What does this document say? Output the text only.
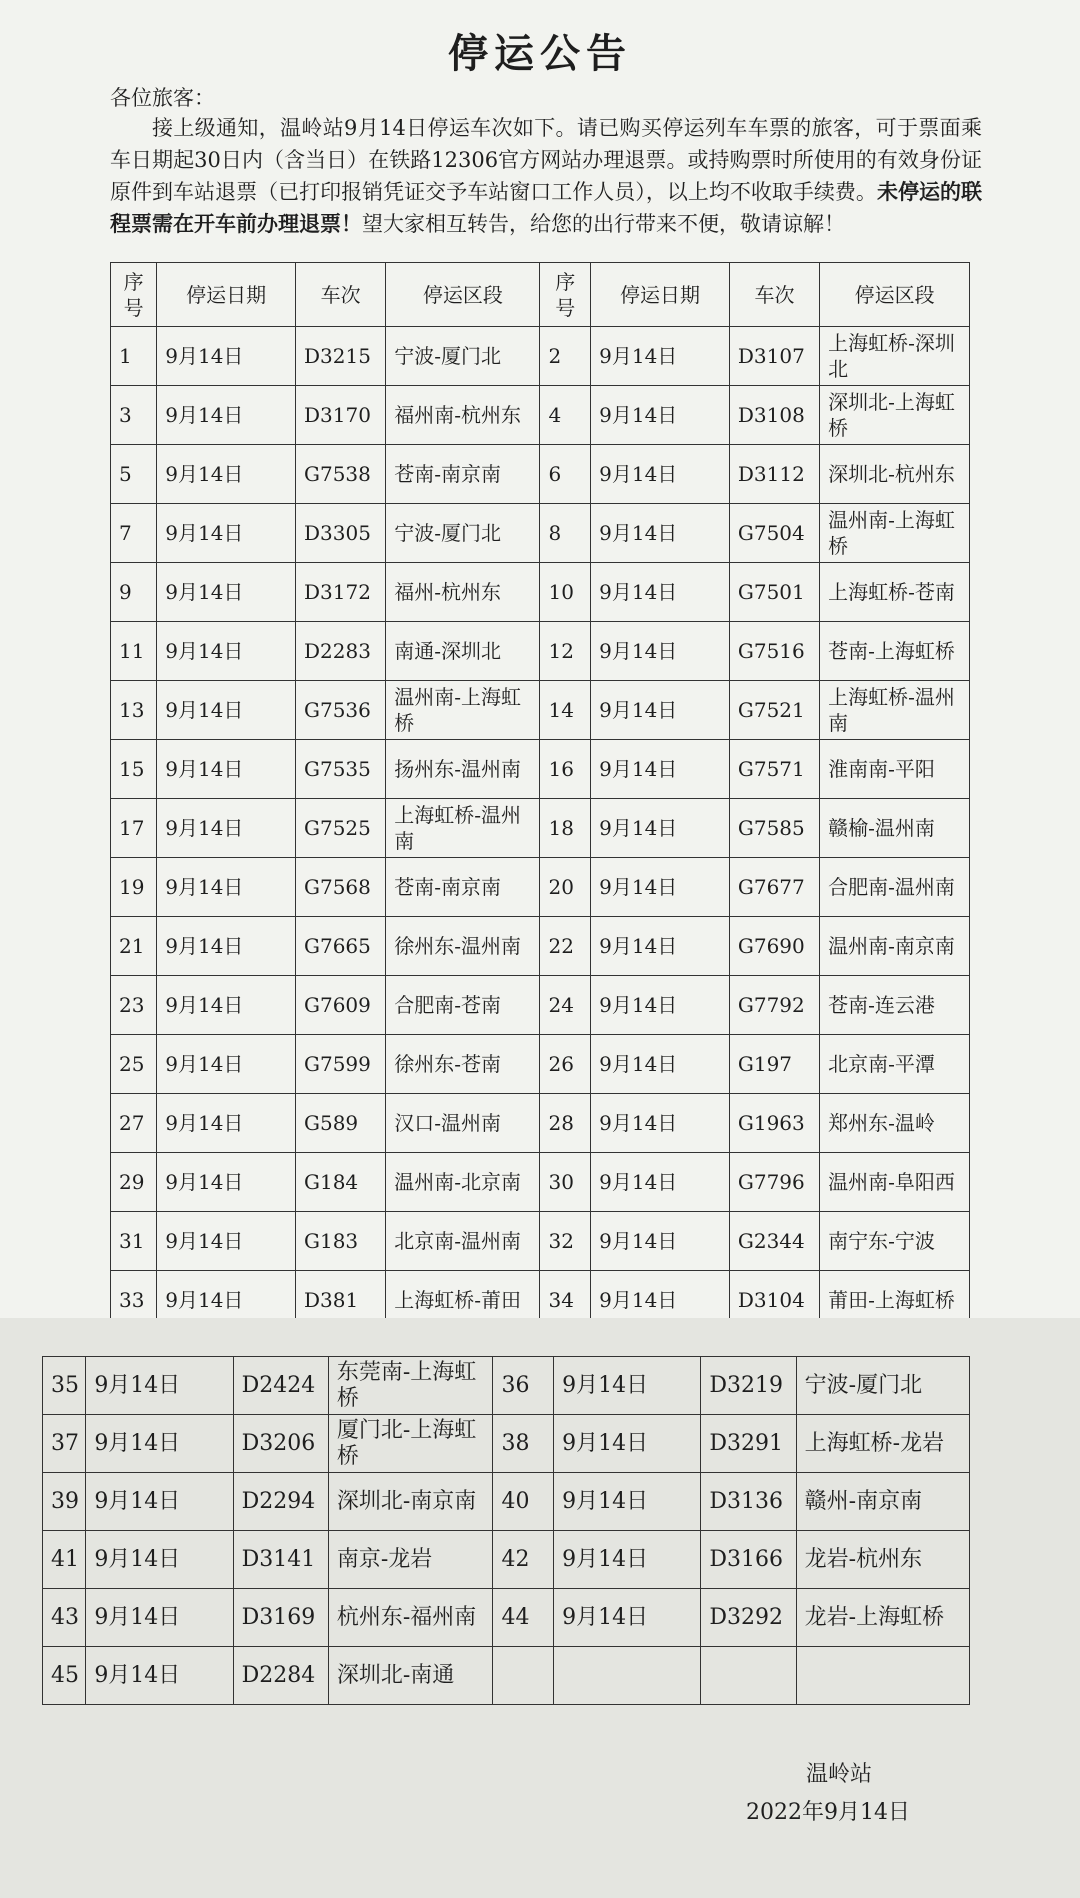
停运公告
各位旅客：
接上级通知，温岭站9月14日停运车次如下。请已购买停运列车车票的旅客，可于票面乘车日期起30日内（含当日）在铁路12306官方网站办理退票。或持购票时所使用的有效身份证原件到车站退票（已打印报销凭证交予车站窗口工作人员），以上均不收取手续费。未停运的联程票需在开车前办理退票！望大家相互转告，给您的出行带来不便，敬请谅解！
序号	停运日期	车次	停运区段	序号	停运日期	车次	停运区段
1	9月14日	D3215	宁波-厦门北	2	9月14日	D3107	上海虹桥-深圳北
3	9月14日	D3170	福州南-杭州东	4	9月14日	D3108	深圳北-上海虹桥
5	9月14日	G7538	苍南-南京南	6	9月14日	D3112	深圳北-杭州东
7	9月14日	D3305	宁波-厦门北	8	9月14日	G7504	温州南-上海虹桥
9	9月14日	D3172	福州-杭州东	10	9月14日	G7501	上海虹桥-苍南
11	9月14日	D2283	南通-深圳北	12	9月14日	G7516	苍南-上海虹桥
13	9月14日	G7536	温州南-上海虹桥	14	9月14日	G7521	上海虹桥-温州南
15	9月14日	G7535	扬州东-温州南	16	9月14日	G7571	淮南南-平阳
17	9月14日	G7525	上海虹桥-温州南	18	9月14日	G7585	赣榆-温州南
19	9月14日	G7568	苍南-南京南	20	9月14日	G7677	合肥南-温州南
21	9月14日	G7665	徐州东-温州南	22	9月14日	G7690	温州南-南京南
23	9月14日	G7609	合肥南-苍南	24	9月14日	G7792	苍南-连云港
25	9月14日	G7599	徐州东-苍南	26	9月14日	G197	北京南-平潭
27	9月14日	G589	汉口-温州南	28	9月14日	G1963	郑州东-温岭
29	9月14日	G184	温州南-北京南	30	9月14日	G7796	温州南-阜阳西
31	9月14日	G183	北京南-温州南	32	9月14日	G2344	南宁东-宁波
33	9月14日	D381	上海虹桥-莆田	34	9月14日	D3104	莆田-上海虹桥
35	9月14日	D2424	东莞南-上海虹桥	36	9月14日	D3219	宁波-厦门北
37	9月14日	D3206	厦门北-上海虹桥	38	9月14日	D3291	上海虹桥-龙岩
39	9月14日	D2294	深圳北-南京南	40	9月14日	D3136	赣州-南京南
41	9月14日	D3141	南京-龙岩	42	9月14日	D3166	龙岩-杭州东
43	9月14日	D3169	杭州东-福州南	44	9月14日	D3292	龙岩-上海虹桥
45	9月14日	D2284	深圳北-南通				
温岭站
2022年9月14日
